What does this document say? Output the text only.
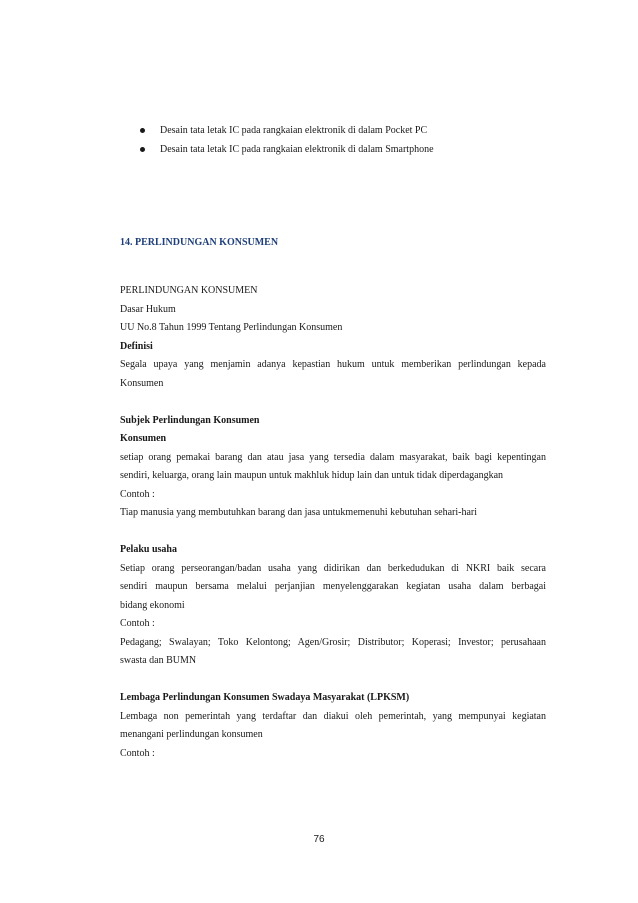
Desain tata letak IC pada rangkaian elektronik di dalam Pocket PC
Desain tata letak IC pada rangkaian elektronik di dalam Smartphone
14. PERLINDUNGAN KONSUMEN
PERLINDUNGAN KONSUMEN
Dasar Hukum
UU No.8 Tahun 1999 Tentang Perlindungan Konsumen
Definisi
Segala upaya yang menjamin adanya kepastian hukum untuk memberikan perlindungan kepada
Konsumen
Subjek Perlindungan Konsumen
Konsumen
setiap orang pemakai barang dan atau jasa yang tersedia dalam masyarakat, baik bagi kepentingan
sendiri, keluarga, orang lain maupun untuk makhluk hidup lain dan untuk tidak diperdagangkan
Contoh :
Tiap manusia yang membutuhkan barang dan jasa untukmemenuhi kebutuhan sehari-hari
Pelaku usaha
Setiap orang perseorangan/badan usaha yang didirikan dan berkedudukan di NKRI baik secara
sendiri maupun bersama melalui perjanjian menyelenggarakan kegiatan usaha dalam berbagai
bidang ekonomi
Contoh :
Pedagang; Swalayan; Toko Kelontong; Agen/Grosir; Distributor; Koperasi; Investor; perusahaan
swasta dan BUMN
Lembaga Perlindungan Konsumen Swadaya Masyarakat (LPKSM)
Lembaga non pemerintah yang terdaftar dan diakui oleh pemerintah, yang mempunyai kegiatan
menangani perlindungan konsumen
Contoh :
76
